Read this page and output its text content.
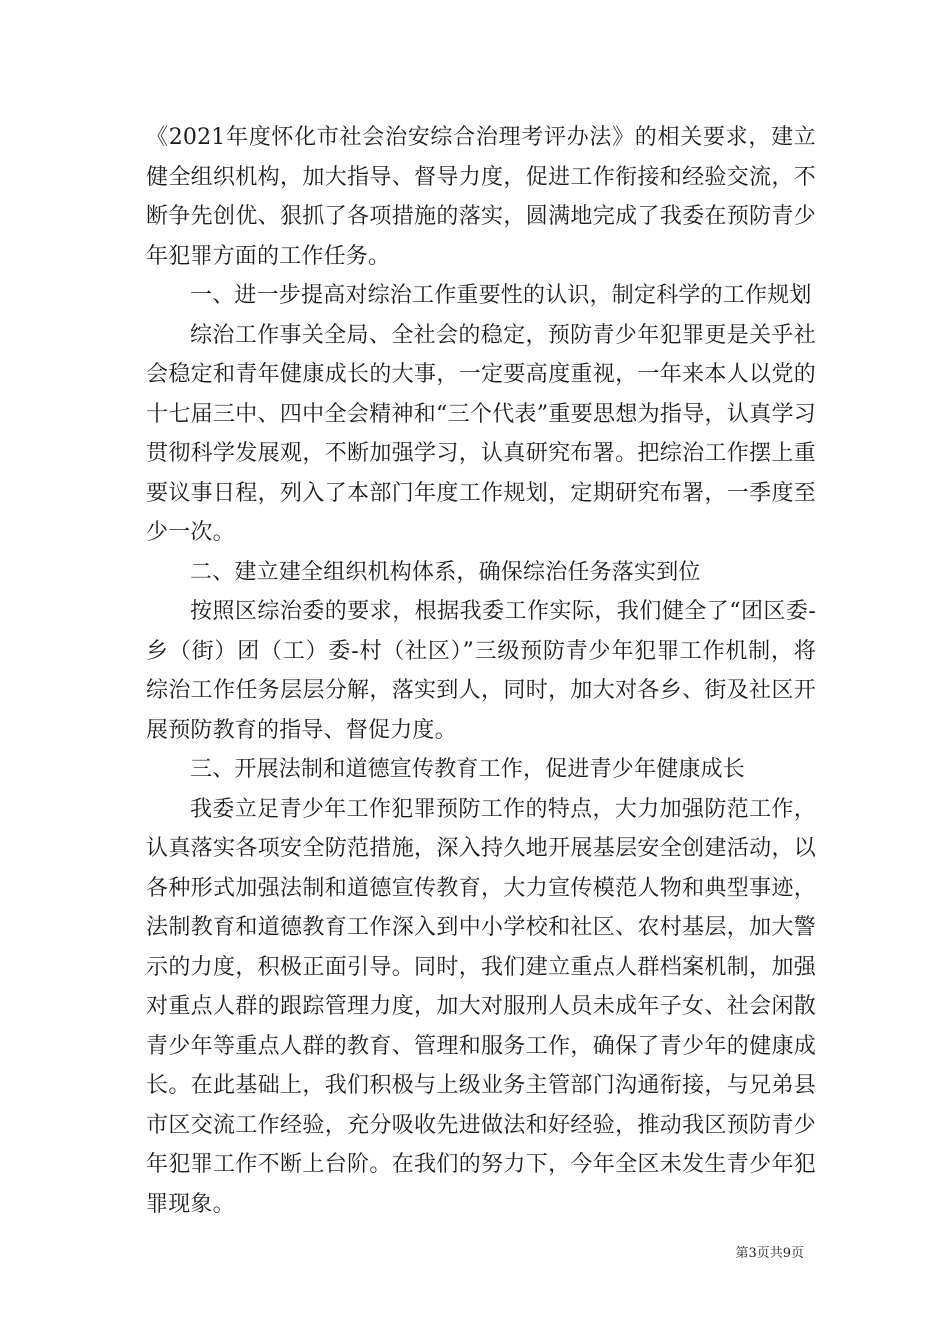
《2021年度怀化市社会治安综合治理考评办法》的相关要求，建立健全组织机构，加大指导、督导力度，促进工作衔接和经验交流，不断争先创优、狠抓了各项措施的落实，圆满地完成了我委在预防青少年犯罪方面的工作任务。

一、进一步提高对综治工作重要性的认识，制定科学的工作规划

综治工作事关全局、全社会的稳定，预防青少年犯罪更是关乎社会稳定和青年健康成长的大事，一定要高度重视，一年来本人以党的十七届三中、四中全会精神和“三个代表”重要思想为指导，认真学习贯彻科学发展观，不断加强学习，认真研究布署。把综治工作摆上重要议事日程，列入了本部门年度工作规划，定期研究布署，一季度至少一次。

二、建立建全组织机构体系，确保综治任务落实到位

按照区综治委的要求，根据我委工作实际，我们健全了“团区委-乡（街）团（工）委-村（社区）”三级预防青少年犯罪工作机制，将综治工作任务层层分解，落实到人，同时，加大对各乡、街及社区开展预防教育的指导、督促力度。

三、开展法制和道德宣传教育工作，促进青少年健康成长

我委立足青少年工作犯罪预防工作的特点，大力加强防范工作，认真落实各项安全防范措施，深入持久地开展基层安全创建活动，以各种形式加强法制和道德宣传教育，大力宣传模范人物和典型事迹，法制教育和道德教育工作深入到中小学校和社区、农村基层，加大警示的力度，积极正面引导。同时，我们建立重点人群档案机制，加强对重点人群的跟踪管理力度，加大对服刑人员未成年子女、社会闲散青少年等重点人群的教育、管理和服务工作，确保了青少年的健康成长。在此基础上，我们积极与上级业务主管部门沟通衔接，与兄弟县市区交流工作经验，充分吸收先进做法和好经验，推动我区预防青少年犯罪工作不断上台阶。在我们的努力下，今年全区未发生青少年犯罪现象。

第3页共9页
